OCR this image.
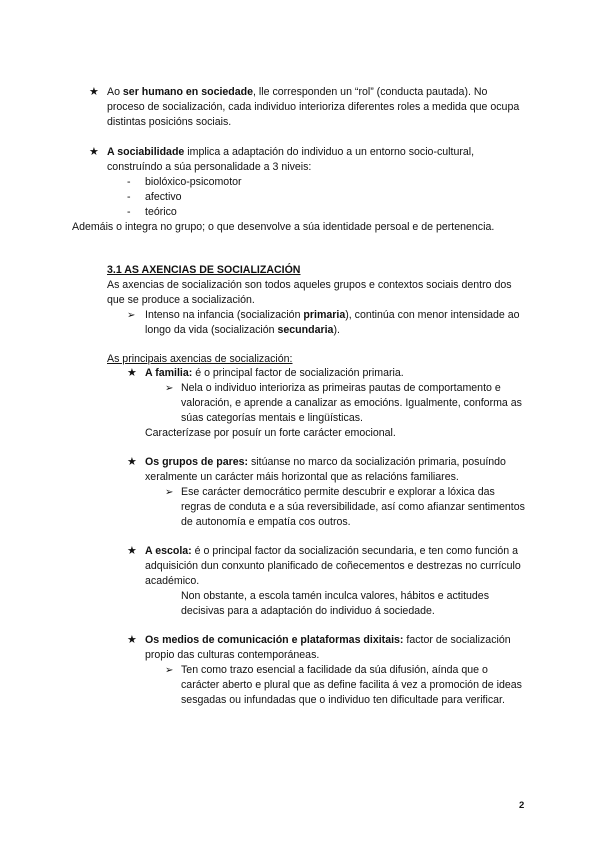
★ Ao ser humano en sociedade, lle corresponden un “rol” (conducta pautada). No proceso de socialización, cada individuo interioriza diferentes roles a medida que ocupa distintas posicións sociais.
★ A sociabilidade implica a adaptación do individuo a un entorno socio-cultural, construíndo a súa personalidade a 3 niveis:
- biolóxico-psicomotor
- afectivo
- teórico
Ademáis o integra no grupo; o que desenvolve a súa identidade persoal e de pertenencia.
3.1 AS AXENCIAS DE SOCIALIZACIÓN
As axencias de socialización son todos aqueles grupos e contextos sociais dentro dos que se produce a socialización.
➢ Intenso na infancia (socialización primaria), continúa con menor intensidade ao longo da vida (socialización secundaria).
As principais axencias de socialización:
★ A familia: é o principal factor de socialización primaria.
➢ Nela o individuo interioriza as primeiras pautas de comportamento e valoración, e aprende a canalizar as emocións. Igualmente, conforma as súas categorías mentais e lingüísticas.
Caracterízase por posuír un forte carácter emocional.
★ Os grupos de pares: sitúanse no marco da socialización primaria, posuíndo xeralmente un carácter máis horizontal que as relacións familiares.
➢ Ese carácter democrático permite descubrir e explorar a lóxica das regras de conduta e a súa reversibilidade, así como afianzar sentimentos de autonomía e empatía cos outros.
★ A escola: é o principal factor da socialización secundaria, e ten como función a adquisición dun conxunto planificado de coñecementos e destrezas no currículo académico.
Non obstante, a escola tamén inculca valores, hábitos e actitudes decisivas para a adaptación do individuo á sociedade.
★ Os medios de comunicación e plataformas dixitais: factor de socialización propio das culturas contemporáneas.
➢ Ten como trazo esencial a facilidade da súa difusión, aínda que o carácter aberto e plural que as define facilita á vez a promoción de ideas sesgadas ou infundadas que o individuo ten dificultade para verificar.
2
